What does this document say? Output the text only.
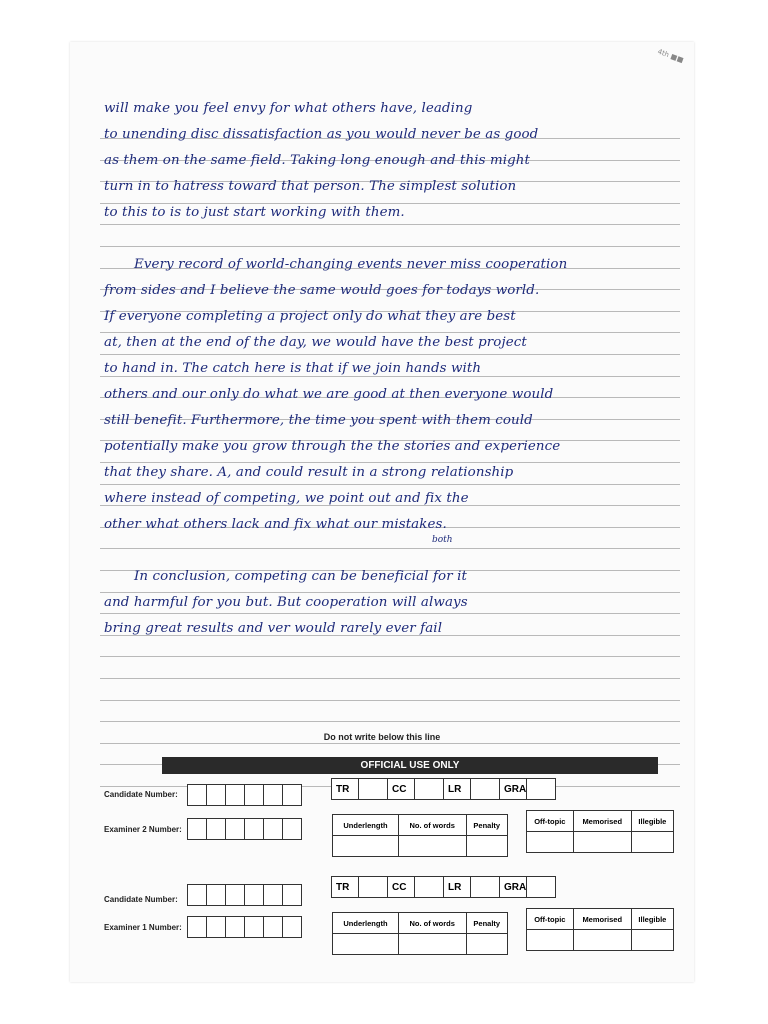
4th ■■
will make you feel envy for what others have, leading
to unending disc dissatisfaction as you would never be as good
as them on the same field. Taking long enough and this might
turn in to hatress toward that person. The simplest solution
to this to is to just start working with them.
Every record of world-changing events never miss cooperation
from sides and I believe the same would goes for todays world.
If everyone completing a project only do what they are best
at, then at the end of the day, we would have the best project
to hand in. The catch here is that if we join hands with
others and our only do what we are good at then everyone would
still benefit. Furthermore, the time you spent with them could
potentially make you grow through the the stories and experience
that they share. A, and could result in a strong relationship
where instead of competing, we point out and fix the
other what others lack and fix what our mistakes.
In conclusion, competing can be beneficial for it
and harmful for you but. But cooperation will always
bring great results and ver would rarely ever fail
both
Do not write below this line
OFFICIAL USE ONLY
Candidate Number:
Examiner 2 Number:
TR	CC	LR	GRA
Underlength	No. of words	Penalty
			Off-topic	Memorised	Illegible

Candidate Number:
Examiner 1 Number:
TR	CC	LR	GRA
Underlength	No. of words	Penalty
			Off-topic	Memorised	Illegible
